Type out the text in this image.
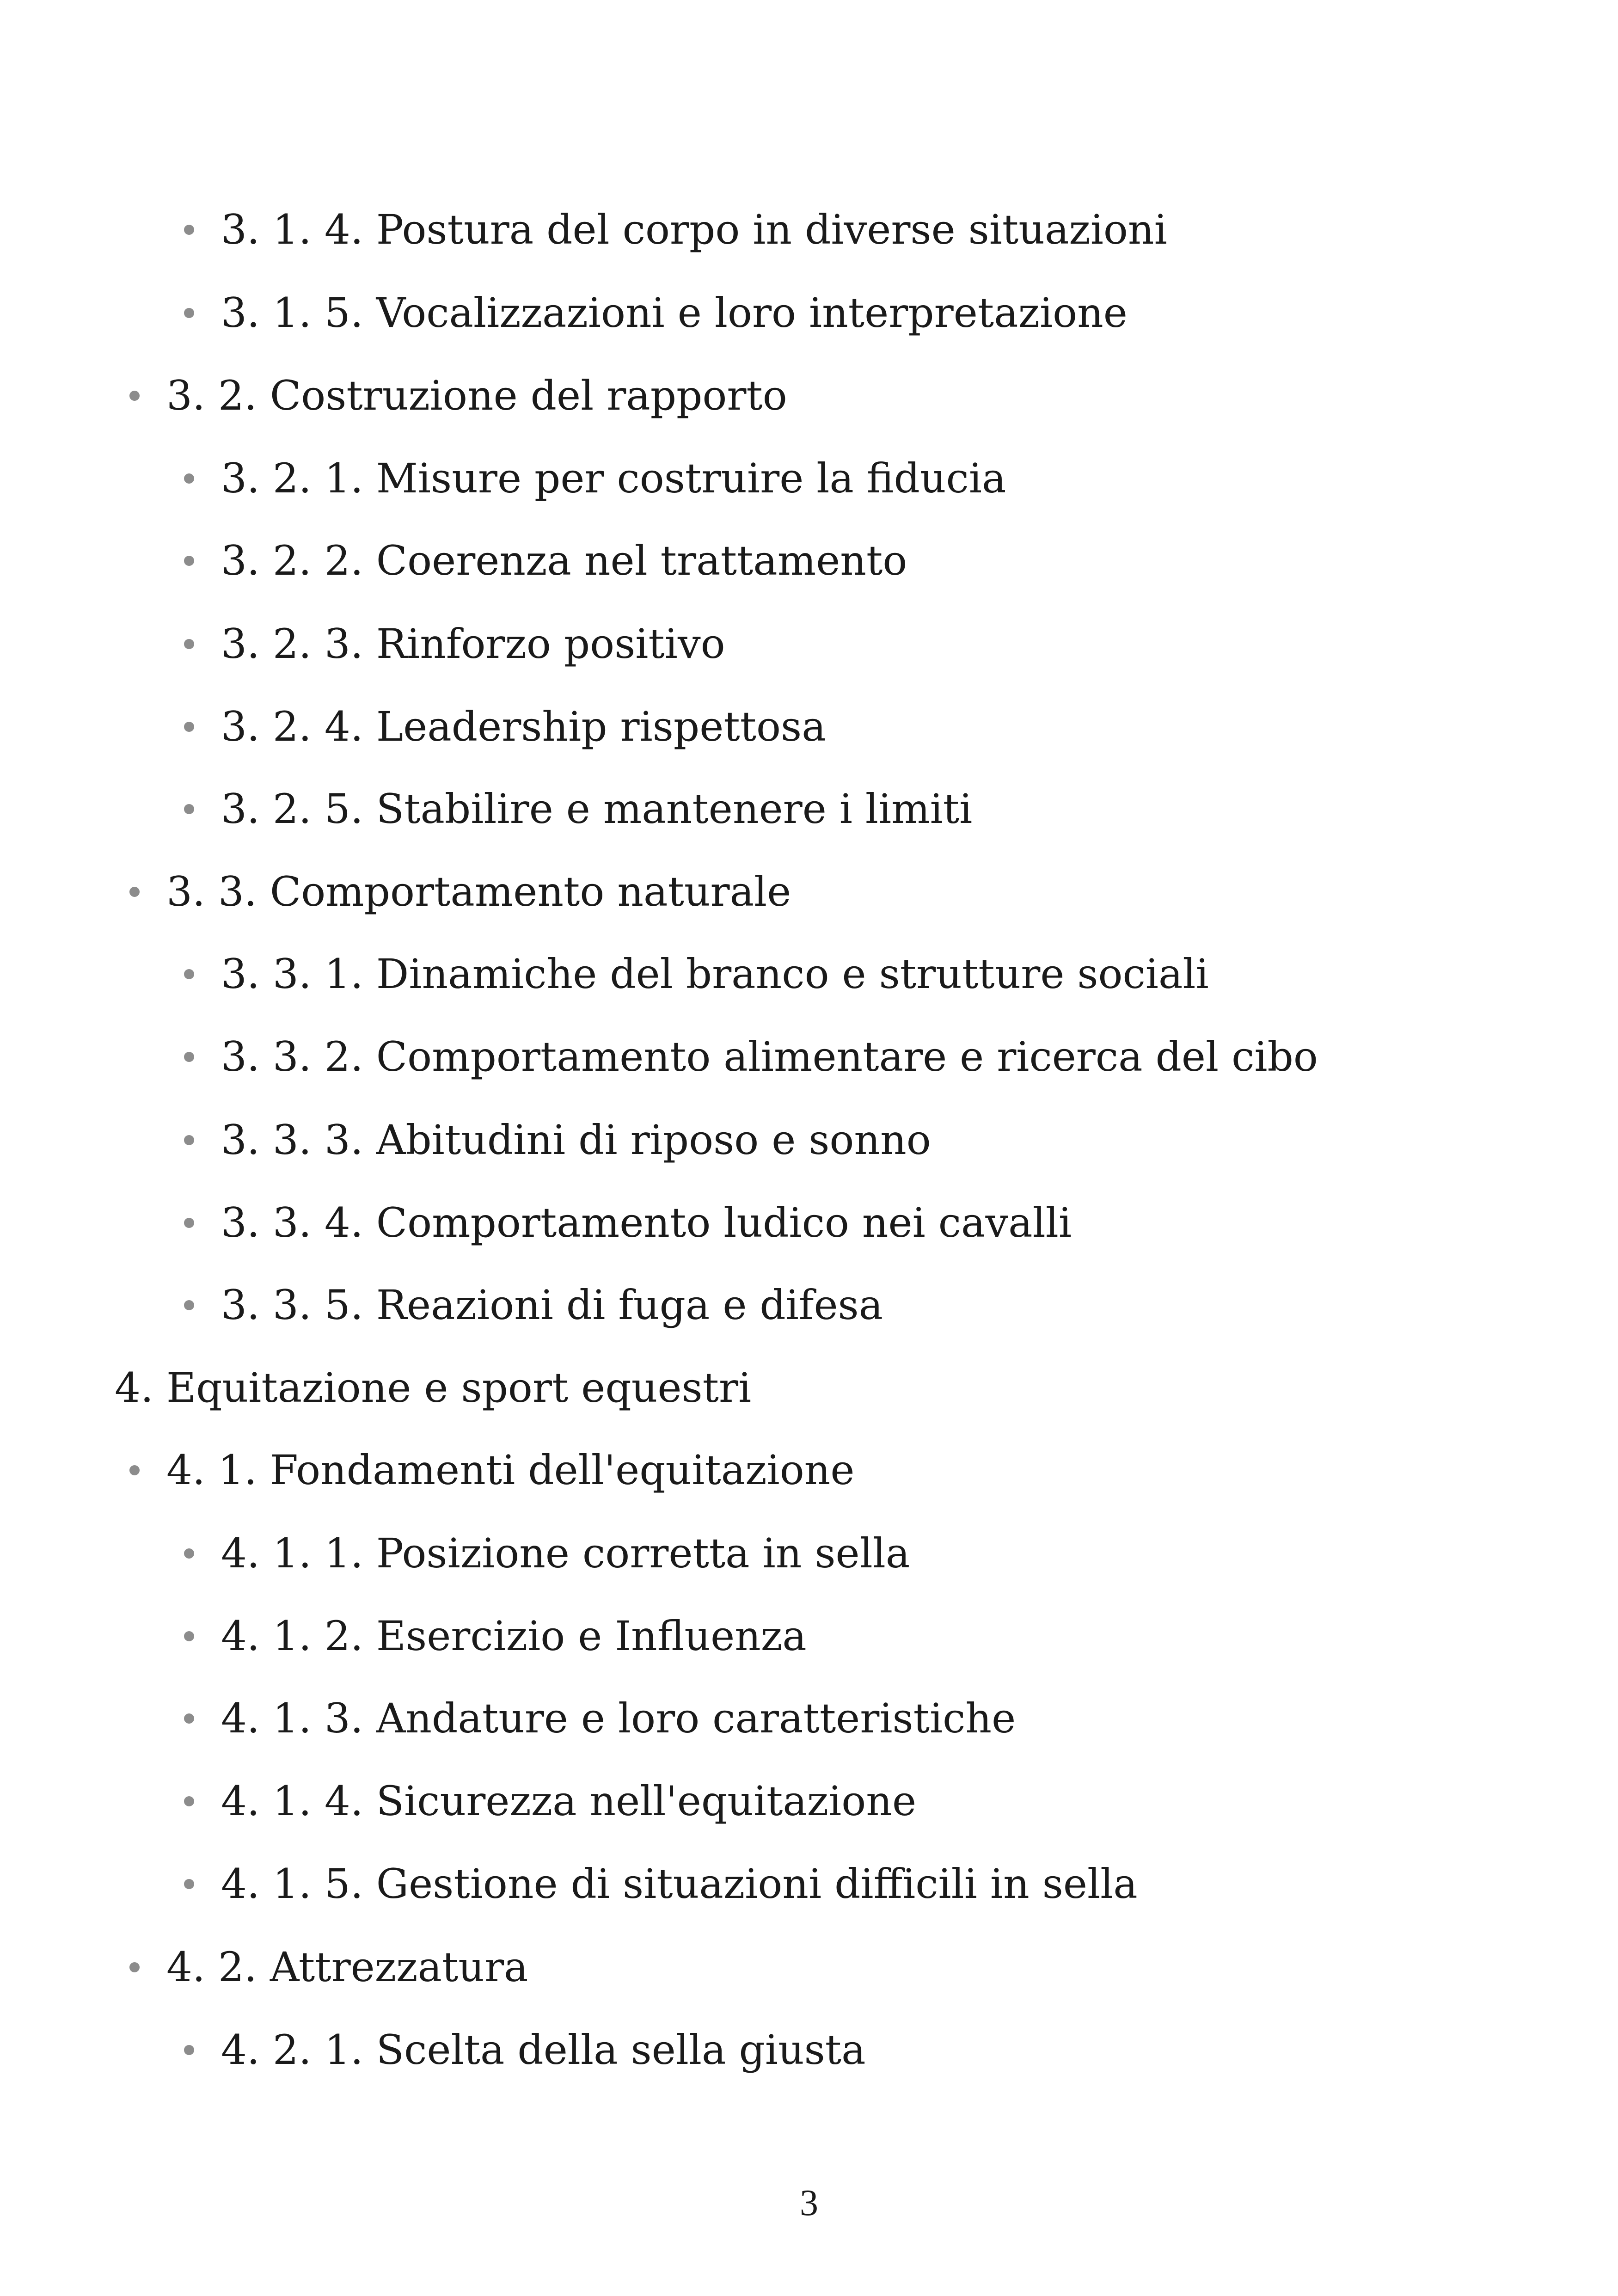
3. 1. 4. Postura del corpo in diverse situazioni
3. 1. 5. Vocalizzazioni e loro interpretazione
3. 2. Costruzione del rapporto
3. 2. 1. Misure per costruire la fiducia
3. 2. 2. Coerenza nel trattamento
3. 2. 3. Rinforzo positivo
3. 2. 4. Leadership rispettosa
3. 2. 5. Stabilire e mantenere i limiti
3. 3. Comportamento naturale
3. 3. 1. Dinamiche del branco e strutture sociali
3. 3. 2. Comportamento alimentare e ricerca del cibo
3. 3. 3. Abitudini di riposo e sonno
3. 3. 4. Comportamento ludico nei cavalli
3. 3. 5. Reazioni di fuga e difesa
4. Equitazione e sport equestri
4. 1. Fondamenti dell'equitazione
4. 1. 1. Posizione corretta in sella
4. 1. 2. Esercizio e Influenza
4. 1. 3. Andature e loro caratteristiche
4. 1. 4. Sicurezza nell'equitazione
4. 1. 5. Gestione di situazioni difficili in sella
4. 2. Attrezzatura
4. 2. 1. Scelta della sella giusta
3
